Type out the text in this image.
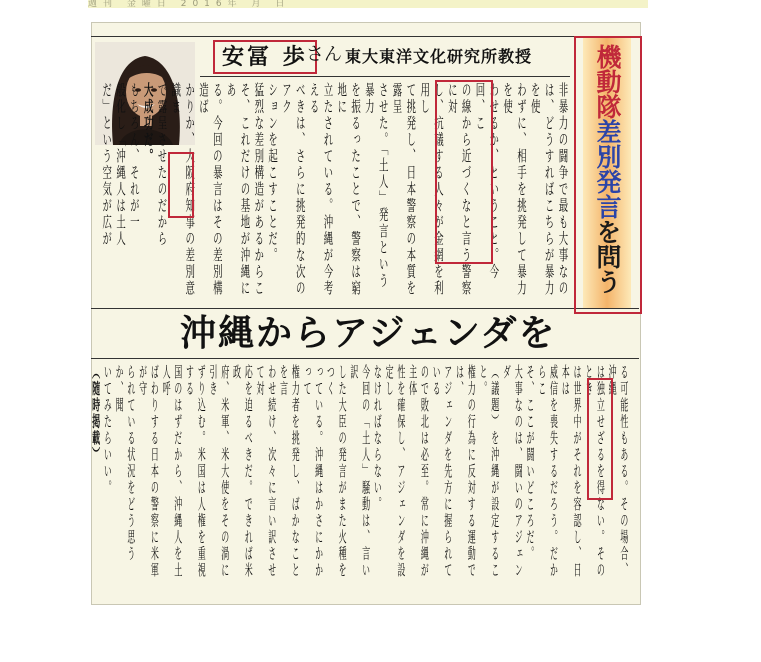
週刊 金曜日 2016年 月 日
安冨 歩
さん 東大東洋文化研究所教授	機動隊差別発言を問う
非暴力の闘争で最も大事なの
は、どうすればこちらが暴力を使
わずに、相手を挑発して暴力を使
わせるか、ということ。今回、こ
の線から近づくなと言う警察に対
し、抗議する人々が金網を利用し
て挑発し、日本警察の本質を露呈
させた。「土人」発言という暴力
を振るったことで、警察は窮地に
立たされている。沖縄が今考える
べきは、さらに挑発的な次のアク
ションを起こすことだ。
猛烈な差別構造があるからこ
そ、これだけの基地が沖縄にあ
る。今回の暴言はその差別構造ば
かりか、大阪府知事の差別意識ま
で露呈させたのだから
大成功だ。
もちろん、それが一
般化し「沖縄人は土人
だ」という空気が広が
沖縄からアジェンダを
る可能性もある。その場合、沖縄
は独立せざるを得ない。そのとき
は世界中がそれを容認し、日本は
威信を喪失するだろう。だからこ
そ、ここが闘いどころだ。
大事なのは、闘いのアジェンダ
（議題）を沖縄が設定すること。
権力の行為に反対する運動では、
アジェンダを先方に握られている
ので敗北は必至。常に沖縄が主体
性を確保し、アジェンダを設定し
なければならない。
今回の「土人」騒動は、言い訳
した大臣の発言がまた火種をつく
っている。沖縄はかさにかかって
権力者を挑発し、ばかなことを言
わせ続け、次々に言い訳させて対
応を迫るべきだ。できれば米政
府、米軍、米大使をその渦に引き
ずり込む。米国は人権を重視する
国のはずだから、沖縄人を土人呼
ばわりする日本の警察に米軍が守
られている状況をどう思うか、聞
いてみたらいい。
（随時掲載）
